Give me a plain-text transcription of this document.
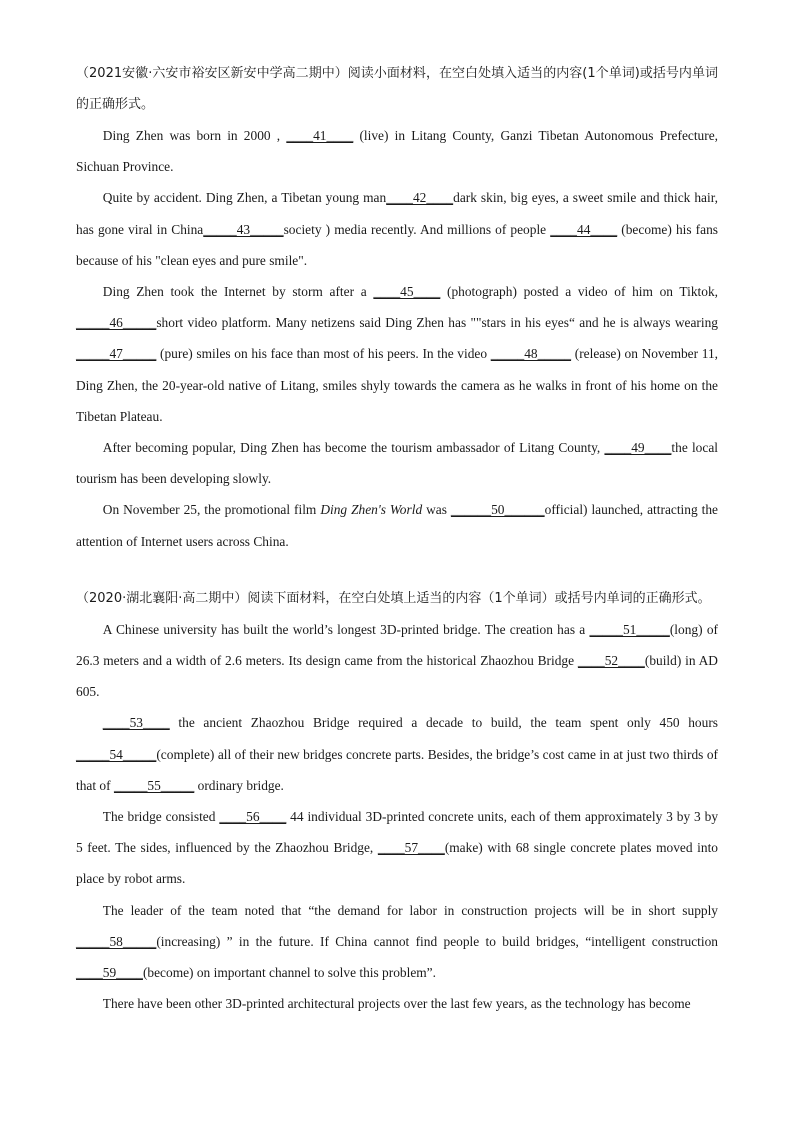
（2021安徽·六安市裕安区新安中学高二期中）阅读小面材料，在空白处填入适当的内容(1个单词)或括号内单词的正确形式。

Ding Zhen was born in 2000 , ____41____ (live) in Litang County, Ganzi Tibetan Autonomous Prefecture, Sichuan Province.

Quite by accident. Ding Zhen, a Tibetan young man____42____dark skin, big eyes, a sweet smile and thick hair, has gone viral in China_____43_____society ) media recently. And millions of people ____44____ (become) his fans because of his "clean eyes and pure smile".

Ding Zhen took the Internet by storm after a ____45____ (photograph) posted a video of him on Tiktok, _____46_____short video platform. Many netizens said Ding Zhen has ""stars in his eyes“ and he is always wearing _____47_____ (pure) smiles on his face than most of his peers. In the video _____48_____ (release) on November 11, Ding Zhen, the 20-year-old native of Litang, smiles shyly towards the camera as he walks in front of his home on the Tibetan Plateau.

After becoming popular, Ding Zhen has become the tourism ambassador of Litang County, ____49____the local tourism has been developing slowly.

On November 25, the promotional film Ding Zhen's World was ______50______official) launched, attracting the attention of Internet users across China.

（2020·湖北襄阳·高二期中）阅读下面材料，在空白处填上适当的内容（1个单词）或括号内单词的正确形式。

A Chinese university has built the world’s longest 3D-printed bridge. The creation has a _____51_____(long) of 26.3 meters and a width of 2.6 meters. Its design came from the historical Zhaozhou Bridge ____52____(build) in AD 605.

____53____ the ancient Zhaozhou Bridge required a decade to build, the team spent only 450 hours _____54_____(complete) all of their new bridges concrete parts. Besides, the bridge’s cost came in at just two thirds of that of _____55_____ ordinary bridge.

The bridge consisted ____56____ 44 individual 3D-printed concrete units, each of them approximately 3 by 3 by 5 feet. The sides, influenced by the Zhaozhou Bridge, ____57____(make) with 68 single concrete plates moved into place by robot arms.

The leader of the team noted that “the demand for labor in construction projects will be in short supply _____58_____(increasing) ” in the future. If China cannot find people to build bridges, “intelligent construction ____59____(become) on important channel to solve this problem”.

There have been other 3D-printed architectural projects over the last few years, as the technology has become
